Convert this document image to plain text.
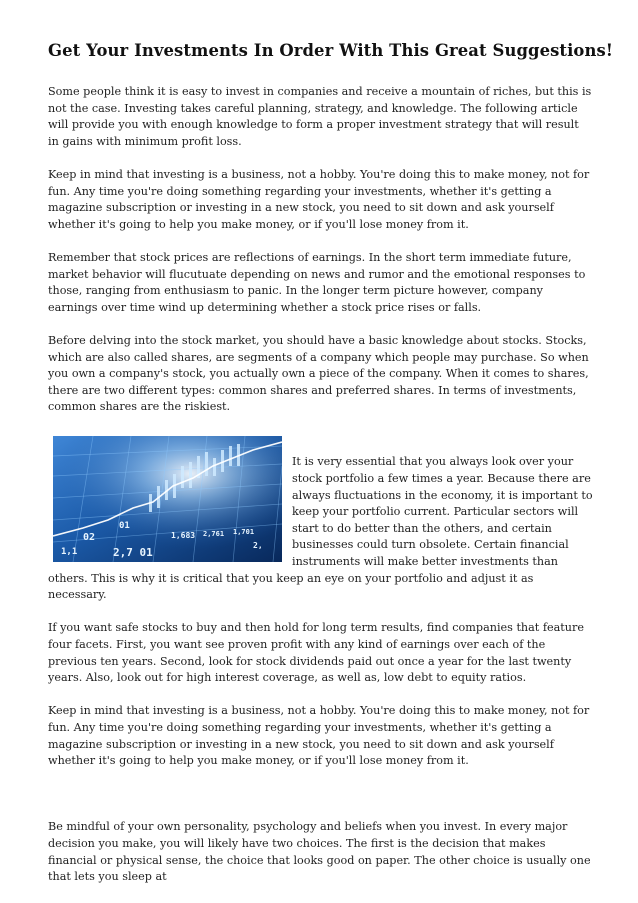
Get Your Investments In Order With This Great Suggestions!

Some people think it is easy to invest in companies and receive a mountain of riches, but this is not the case. Investing takes careful planning, strategy, and knowledge. The following article will provide you with enough knowledge to form a proper investment strategy that will result in gains with minimum profit loss.

Keep in mind that investing is a business, not a hobby. You're doing this to make money, not for fun. Any time you're doing something regarding your investments, whether it's getting a magazine subscription or investing in a new stock, you need to sit down and ask yourself whether it's going to help you make money, or if you'll lose money from it.

Remember that stock prices are reflections of earnings. In the short term immediate future, market behavior will flucutuate depending on news and rumor and the emotional responses to those, ranging from enthusiasm to panic. In the longer term picture however, company earnings over time wind up determining whether a stock price rises or falls.

Before delving into the stock market, you should have a basic knowledge about stocks. Stocks, which are also called shares, are segments of a company which people may purchase. So when you own a company's stock, you actually own a piece of the company. When it comes to shares, there are two different types: common shares and preferred shares. In terms of investments, common shares are the riskiest.

01
02	1,683 2,761 1,701
2,7 01
1,1
2,

It is very essential that you always look over your stock portfolio a few times a year. Because there are always fluctuations in the economy, it is important to keep your portfolio current. Particular sectors will start to do better than the others, and certain businesses could turn obsolete. Certain financial instruments will make better investments than others. This is why it is critical that you keep an eye on your portfolio and adjust it as necessary.

If you want safe stocks to buy and then hold for long term results, find companies that feature four facets. First, you want see proven profit with any kind of earnings over each of the previous ten years. Second, look for stock dividends paid out once a year for the last twenty years. Also, look out for high interest coverage, as well as, low debt to equity ratios.

Keep in mind that investing is a business, not a hobby. You're doing this to make money, not for fun. Any time you're doing something regarding your investments, whether it's getting a magazine subscription or investing in a new stock, you need to sit down and ask yourself whether it's going to help you make money, or if you'll lose money from it.

Be mindful of your own personality, psychology and beliefs when you invest. In every major decision you make, you will likely have two choices. The first is the decision that makes financial or physical sense, the choice that looks good on paper. The other choice is usually one that lets you sleep at
